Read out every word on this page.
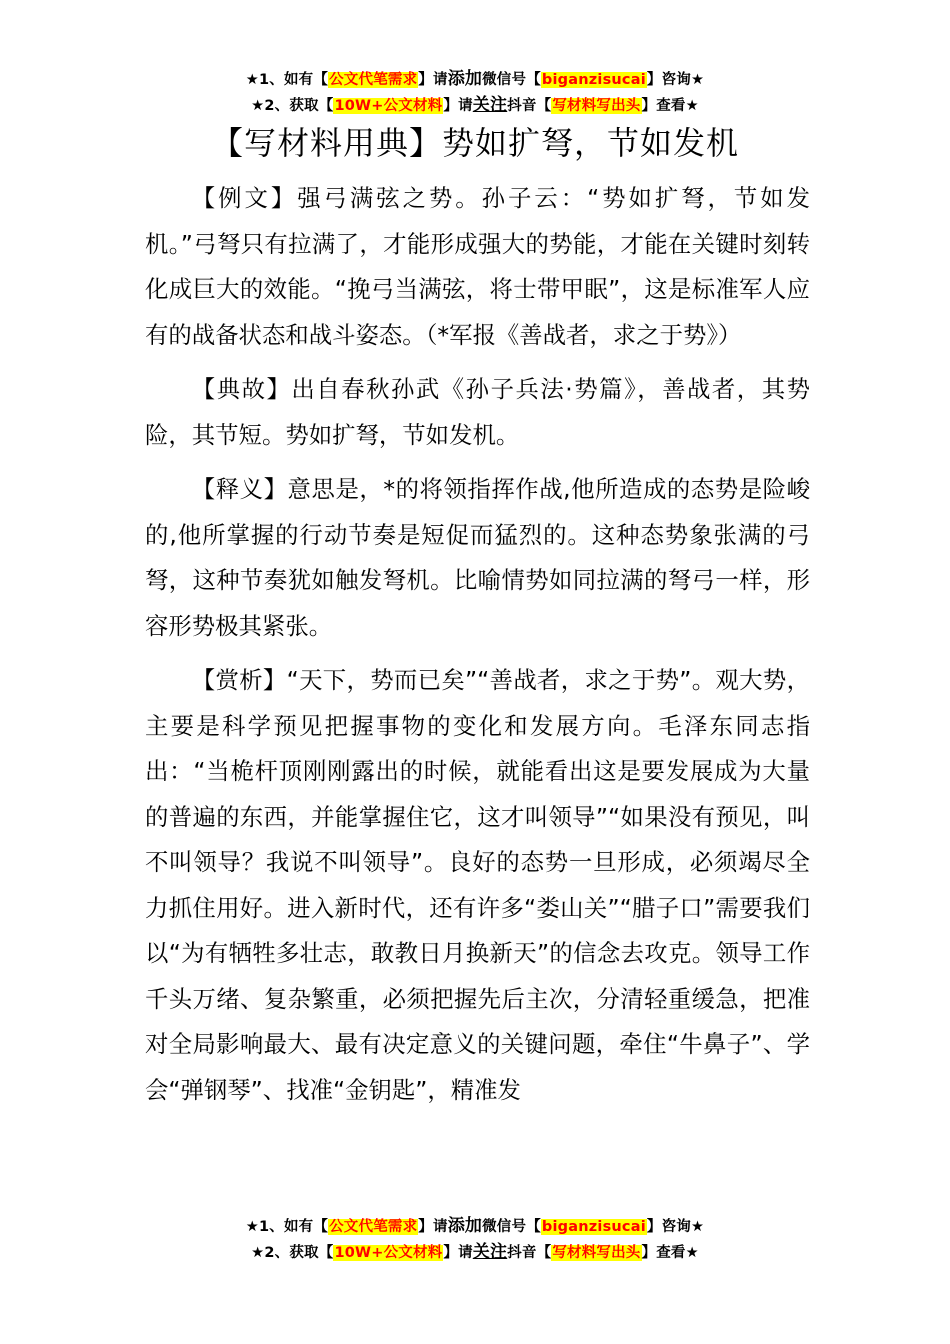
★1、如有【公文代笔需求】请添加微信号【biganzisucai】咨询★
★2、获取【10W+公文材料】请关注抖音【写材料写出头】查看★
【写材料用典】势如扩弩，节如发机

【例文】强弓满弦之势。孙子云：“势如扩弩，节如发机。”弓弩只有拉满了，才能形成强大的势能，才能在关键时刻转化成巨大的效能。“挽弓当满弦，将士带甲眠”，这是标准军人应有的战备状态和战斗姿态。（*军报《善战者，求之于势》）

【典故】出自春秋孙武《孙子兵法·势篇》，善战者，其势险，其节短。势如扩弩，节如发机。

【释义】意思是，*的将领指挥作战,他所造成的态势是险峻的,他所掌握的行动节奏是短促而猛烈的。这种态势象张满的弓弩，这种节奏犹如触发弩机。比喻情势如同拉满的弩弓一样，形容形势极其紧张。

【赏析】“天下，势而已矣”“善战者，求之于势”。观大势，主要是科学预见把握事物的变化和发展方向。毛泽东同志指出：“当桅杆顶刚刚露出的时候，就能看出这是要发展成为大量的普遍的东西，并能掌握住它，这才叫领导”“如果没有预见，叫不叫领导？我说不叫领导”。良好的态势一旦形成，必须竭尽全力抓住用好。进入新时代，还有许多“娄山关”“腊子口”需要我们以“为有牺牲多壮志，敢教日月换新天”的信念去攻克。领导工作千头万绪、复杂繁重，必须把握先后主次，分清轻重缓急，把准对全局影响最大、最有决定意义的关键问题，牵住“牛鼻子”、学会“弹钢琴”、找准“金钥匙”，精准发

★1、如有【公文代笔需求】请添加微信号【biganzisucai】咨询★
★2、获取【10W+公文材料】请关注抖音【写材料写出头】查看★
